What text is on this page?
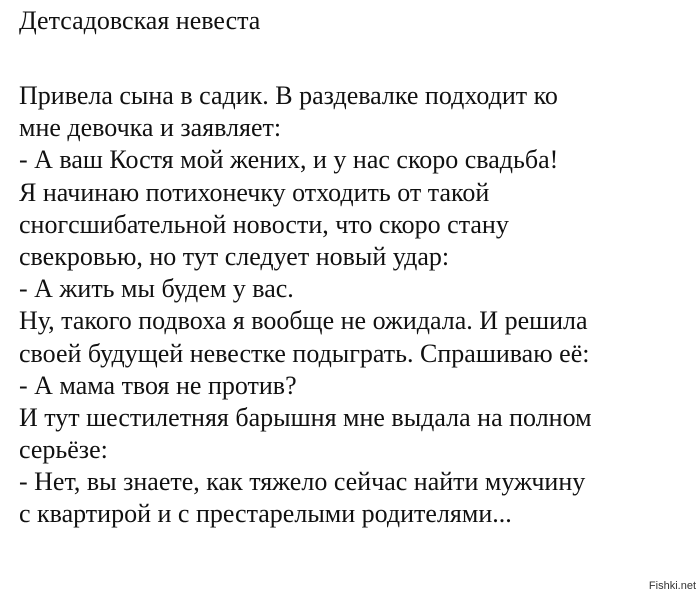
Детсадовская невеста
Привела сына в садик. В раздевалке подходит ко
мне девочка и заявляет:
- А ваш Костя мой жених, и у нас скоро свадьба!
Я начинаю потихонечку отходить от такой
сногсшибательной новости, что скоро стану
свекровью, но тут следует новый удар:
- А жить мы будем у вас.
Ну, такого подвоха я вообще не ожидала. И решила
своей будущей невестке подыграть. Спрашиваю её:
- А мама твоя не против?
И тут шестилетняя барышня мне выдала на полном
серьёзе:
- Нет, вы знаете, как тяжело сейчас найти мужчину
с квартирой и с престарелыми родителями...
Fishki.net
